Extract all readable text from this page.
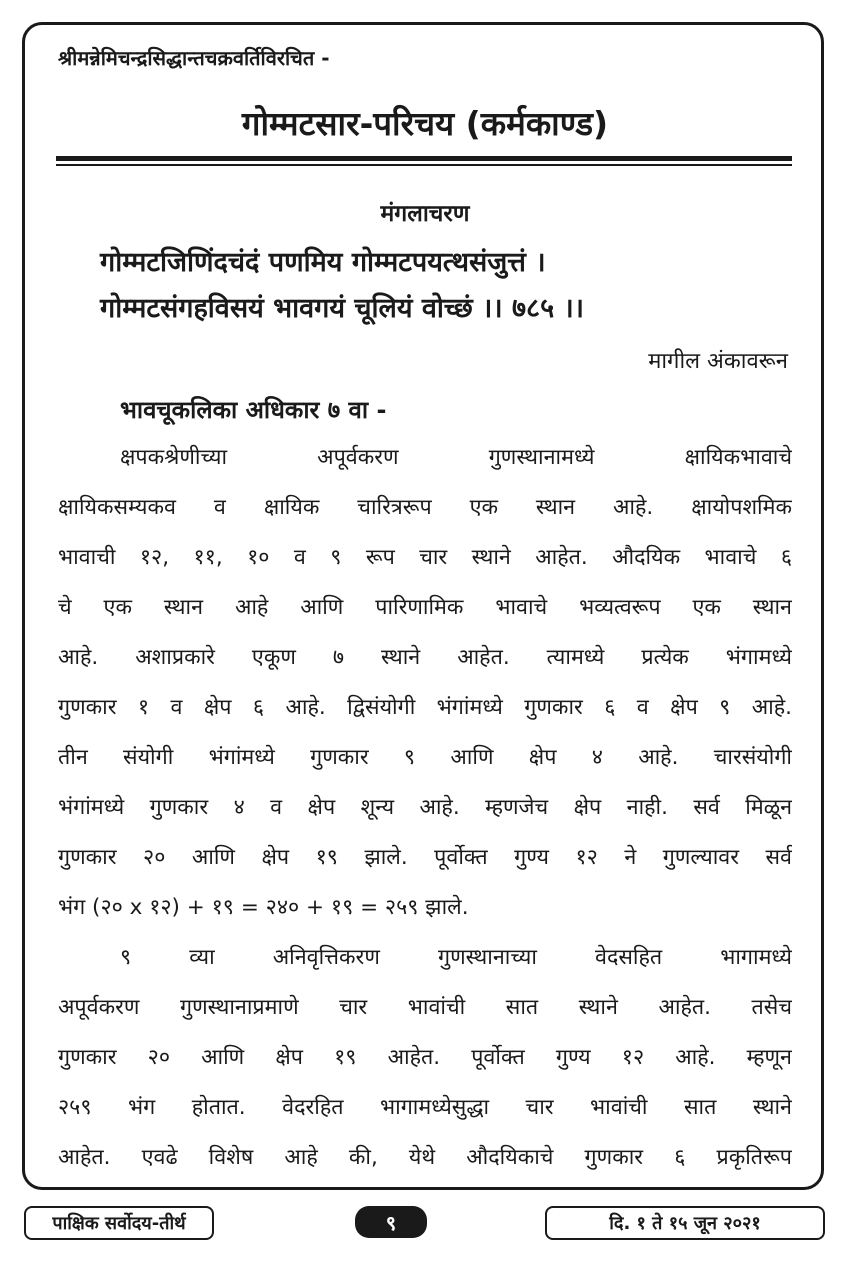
श्रीमन्नेमिचन्द्रसिद्धान्तचक्रवर्तिविरचित -
गोम्मटसार-परिचय (कर्मकाण्ड)
मंगलाचरण
गोम्मटजिणिंदचंदं पणमिय गोम्मटपयत्थसंजुत्तं ।
गोम्मटसंगहविसयं भावगयं चूलियं वोच्छं ।। ७८५ ।।
मागील अंकावरून
भावचूकलिका अधिकार ७ वा -
क्षपकश्रेणीच्या अपूर्वकरण गुणस्थानामध्ये क्षायिकभावाचे
क्षायिकसम्यकव व क्षायिक चारित्ररूप एक स्थान आहे. क्षायोपशमिक
भावाची १२, ११, १० व ९ रूप चार स्थाने आहेत. औदयिक भावाचे ६
चे एक स्थान आहे आणि पारिणामिक भावाचे भव्यत्वरूप एक स्थान
आहे. अशाप्रकारे एकूण ७ स्थाने आहेत. त्यामध्ये प्रत्येक भंगामध्ये
गुणकार १ व क्षेप ६ आहे. द्विसंयोगी भंगांमध्ये गुणकार ६ व क्षेप ९ आहे.
तीन संयोगी भंगांमध्ये गुणकार ९ आणि क्षेप ४ आहे. चारसंयोगी
भंगांमध्ये गुणकार ४ व क्षेप शून्य आहे. म्हणजेच क्षेप नाही. सर्व मिळून
गुणकार २० आणि क्षेप १९ झाले. पूर्वोक्त गुण्य १२ ने गुणल्यावर सर्व
भंग (२० x १२) + १९ = २४० + १९ = २५९ झाले.
९ व्या अनिवृत्तिकरण गुणस्थानाच्या वेदसहित भागामध्ये
अपूर्वकरण गुणस्थानाप्रमाणे चार भावांची सात स्थाने आहेत. तसेच
गुणकार २० आणि क्षेप १९ आहेत. पूर्वोक्त गुण्य १२ आहे. म्हणून
२५९ भंग होतात. वेदरहित भागामध्येसुद्धा चार भावांची सात स्थाने
आहेत. एवढे विशेष आहे की, येथे औदयिकाचे गुणकार ६ प्रकृतिरूप
पाक्षिक सर्वोदय-तीर्थ	९	दि. १ ते १५ जून २०२१
